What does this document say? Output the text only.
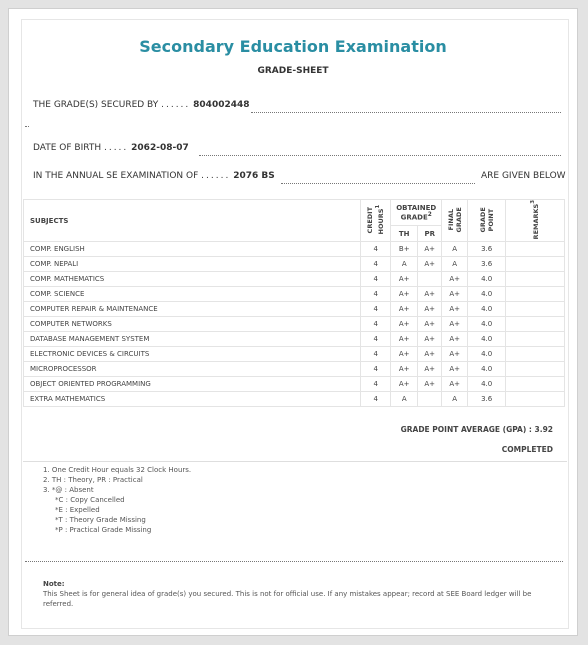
Secondary Education Examination
GRADE-SHEET
THE GRADE(S) SECURED BY ...... 804002448
DATE OF BIRTH ..... 2062-08-07
IN THE ANNUAL SE EXAMINATION OF ...... 2076 BS	ARE GIVEN BELOW
SUBJECTS	CREDIT HOURS$^1$	OBTAINED
GRADE$^2$		FINAL GRADE	GRADE POINT	REMARKS$^3$
		TH	PR			
COMP. ENGLISH	4	B+	A+	A	3.6	
COMP. NEPALI	4	A	A+	A	3.6	
COMP. MATHEMATICS	4	A+		A+	4.0	
COMP. SCIENCE	4	A+	A+	A+	4.0	
COMPUTER REPAIR & MAINTENANCE	4	A+	A+	A+	4.0	
COMPUTER NETWORKS	4	A+	A+	A+	4.0	
DATABASE MANAGEMENT SYSTEM	4	A+	A+	A+	4.0	
ELECTRONIC DEVICES & CIRCUITS	4	A+	A+	A+	4.0	
MICROPROCESSOR	4	A+	A+	A+	4.0	
OBJECT ORIENTED PROGRAMMING	4	A+	A+	A+	4.0	
EXTRA MATHEMATICS	4	A		A	3.6	
GRADE POINT AVERAGE (GPA) : 3.92
COMPLETED
1. One Credit Hour equals 32 Clock Hours.
2. TH : Theory, PR : Practical
3. *@ : Absent
*C : Copy Cancelled
*E : Expelled
*T : Theory Grade Missing
*P : Practical Grade Missing
Note:
This Sheet is for general idea of grade(s) you secured. This is not for official use. If any mistakes appear; record at SEE Board ledger will be referred.
